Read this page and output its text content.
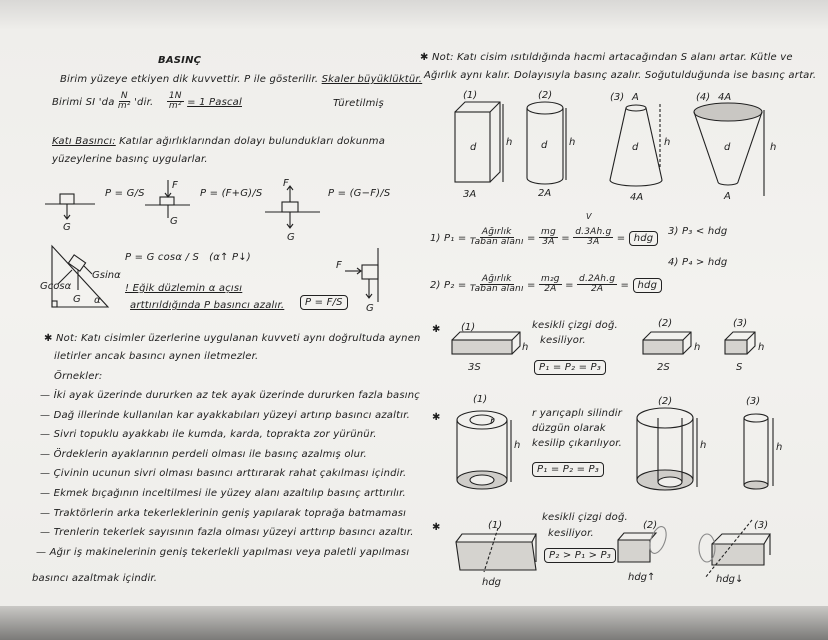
BASINÇ
Birim yüzeye etkiyen dik kuvvettir. P ile gösterilir. Skaler büyüklüktür.
Birimi SI 'da $\frac{N}{\text{m²}}$ 'dir. $\frac{1N}{\text{m²}} = 1$ Pascal	Türetilmiş
Katı Basıncı: Katılar ağırlıklarından dolayı bulundukları dokunma
yüzeylerine basınç uygularlar.
P = G/S	P = (F+G)/S	P = (G−F)/S
P = G cosα / S (α↑ P↓)
! Eğik düzlemin α açısı
arttırıldığında P basıncı azalır.	P = F/S
✱ Not: Katı cisimler üzerlerine uygulanan kuvveti aynı doğrultuda aynen
iletirler ancak basıncı aynen iletmezler.
Örnekler:
— İki ayak üzerinde dururken az tek ayak üzerinde dururken fazla basınç
— Dağ illerinde kullanılan kar ayakkabıları yüzeyi artırıp basıncı azaltır.
— Sivri topuklu ayakkabı ile kumda, karda, toprakta zor yürünür.
— Ördeklerin ayaklarının perdeli olması ile basınç azalmış olur.
— Çivinin ucunun sivri olması basıncı arttırarak rahat çakılması içindir.
— Ekmek bıçağının inceltilmesi ile yüzey alanı azaltılıp basınç arttırılır.
— Traktörlerin arka tekerleklerinin geniş yapılarak toprağa batmaması
— Trenlerin tekerlek sayısının fazla olması yüzeyi arttırıp basıncı azaltır.
— Ağır iş makinelerinin geniş tekerlekli yapılması veya paletli yapılması
basıncı azaltmak içindir.
✱ Not: Katı cisim ısıtıldığında hacmi artacağından S alanı artar. Kütle ve
Ağırlık aynı kalır. Dolayısıyla basınç azalır. Soğutulduğunda ise basınç artar.
1) $P_1 = \frac{\text{Ağırlık}}{\text{Taban alanı}} = \frac{mg}{3A} = \frac{d.3Ah.g}{3A}$ = hdg
V
2) $P_2 = \frac{\text{Ağırlık}}{\text{Taban alanı}} = \frac{\text{m₂g}}{2A} = \frac{d.2Ah.g}{2A}$ = hdg
3) P₃ < hdg
4) P₄ > hdg
kesikli çizgi doğ.
kesiliyor.
P₁ = P₂ = P₃
r yarıçaplı silindir
düzgün olarak
kesilip çıkarılıyor.
P₁ = P₂ = P₃
kesikli çizgi doğ.
kesiliyor.
P₂ > P₁ > P₃
G
F
G
F
G
Gcosα
G
Gsinα
α
F
G
(1)
d	h
3A
(2)
d h
2A
(3) A
d	h
4A
(4) 4A
d	h
A
✱ (1)
h
3S
(2)
h
2S
(3)
h
S
✱
(1)
h
r
(2)
h
(3)
h
✱	(1)
hdg
(2)
hdg↑
(3)
hdg↓
